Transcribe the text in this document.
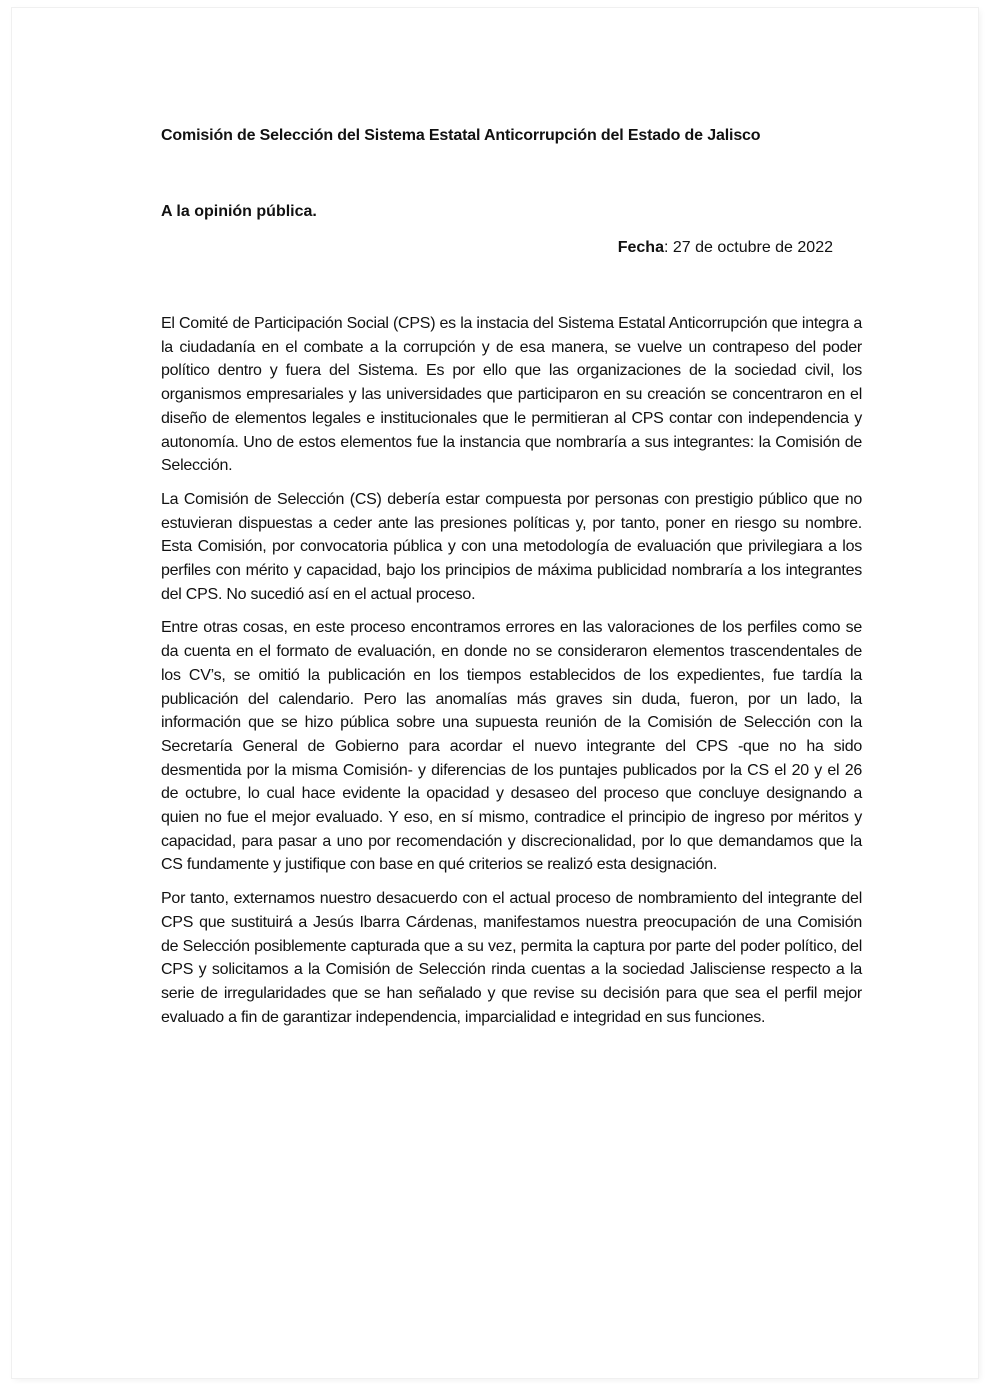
Comisión de Selección del Sistema Estatal Anticorrupción del Estado de Jalisco
A la opinión pública.
Fecha: 27 de octubre de 2022

El Comité de Participación Social (CPS) es la instacia del Sistema Estatal Anticorrupción que integra a la ciudadanía en el combate a la corrupción y de esa manera, se vuelve un contrapeso del poder político dentro y fuera del Sistema. Es por ello que las organizaciones de la sociedad civil, los organismos empresariales y las universidades que participaron en su creación se concentraron en el diseño de elementos legales e institucionales que le permitieran al CPS contar con independencia y autonomía. Uno de estos elementos fue la instancia que nombraría a sus integrantes: la Comisión de Selección.

La Comisión de Selección (CS) debería estar compuesta por personas con prestigio público que no estuvieran dispuestas a ceder ante las presiones políticas y, por tanto, poner en riesgo su nombre. Esta Comisión, por convocatoria pública y con una metodología de evaluación que privilegiara a los perfiles con mérito y capacidad, bajo los principios de máxima publicidad nombraría a los integrantes del CPS. No sucedió así en el actual proceso.

Entre otras cosas, en este proceso encontramos errores en las valoraciones de los perfiles como se da cuenta en el formato de evaluación, en donde no se consideraron elementos trascendentales de los CV’s, se omitió la publicación en los tiempos establecidos de los expedientes, fue tardía la publicación del calendario. Pero las anomalías más graves sin duda, fueron, por un lado, la información que se hizo pública sobre una supuesta reunión de la Comisión de Selección con la Secretaría General de Gobierno para acordar el nuevo integrante del CPS -que no ha sido desmentida por la misma Comisión- y diferencias de los puntajes publicados por la CS el 20 y el 26 de octubre, lo cual hace evidente la opacidad y desaseo del proceso que concluye designando a quien no fue el mejor evaluado. Y eso, en sí mismo, contradice el principio de ingreso por méritos y capacidad, para pasar a uno por recomendación y discrecionalidad, por lo que demandamos que la CS fundamente y justifique con base en qué criterios se realizó esta designación.

Por tanto, externamos nuestro desacuerdo con el actual proceso de nombramiento del integrante del CPS que sustituirá a Jesús Ibarra Cárdenas, manifestamos nuestra preocupación de una Comisión de Selección posiblemente capturada que a su vez, permita la captura por parte del poder político, del CPS y solicitamos a la Comisión de Selección rinda cuentas a la sociedad Jalisciense respecto a la serie de irregularidades que se han señalado y que revise su decisión para que sea el perfil mejor evaluado a fin de garantizar independencia, imparcialidad e integridad en sus funciones.
